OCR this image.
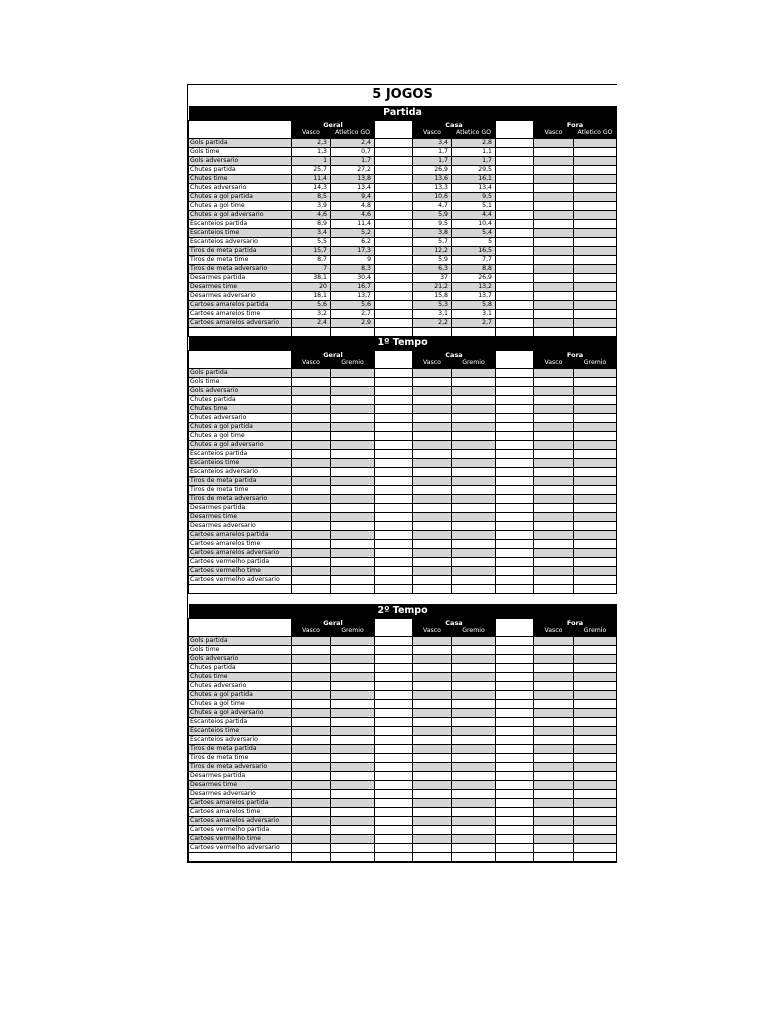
5 JOGOS								
Partida								
	Geral			Casa			Fora	
	Vasco	Atletico GO		Vasco	Atletico GO		Vasco	Atletico GO
Gols partida	2,3	2,4		3,4	2,8			
Gols time	1,3	0,7		1,7	1,1			
Gols adversario	1	1,7		1,7	1,7			
Chutes partida	25,7	27,2		26,9	29,5			
Chutes time	11,4	13,8		13,6	16,1			
Chutes adversario	14,3	13,4		13,3	13,4			
Chutes a gol partida	8,5	9,4		10,6	9,5			
Chutes a gol time	3,9	4,8		4,7	5,1			
Chutes a gol adversario	4,6	4,6		5,9	4,4			
Escanteios partida	8,9	11,4		9,5	10,4			
Escanteios time	3,4	5,2		3,8	5,4			
Escanteios adversario	5,5	6,2		5,7	5			
Tiros de meta partida	15,7	17,3		12,2	16,5			
Tiros de meta time	8,7	9		5,9	7,7			
Tiros de meta adversario	7	8,3		6,3	8,8			
Desarmes partida	38,1	30,4		37	26,9			
Desarmes time	20	16,7		21,2	13,2			
Desarmes adversario	18,1	13,7		15,8	13,7			
Cartoes amarelos partida	5,6	5,6		5,3	5,8			
Cartoes amarelos time	3,2	2,7		3,1	3,1			
Cartoes amarelos adversario	2,4	2,9		2,2	2,7			

1º Tempo								
	Geral			Casa			Fora	
	Vasco	Gremio		Vasco	Gremio		Vasco	Gremio
Gols partida								
Gols time								
Gols adversario								
Chutes partida								
Chutes time								
Chutes adversario								
Chutes a gol partida								
Chutes a gol time								
Chutes a gol adversario								
Escanteios partida								
Escanteios time								
Escanteios adversario								
Tiros de meta partida								
Tiros de meta time								
Tiros de meta adversario								
Desarmes partida								
Desarmes time								
Desarmes adversario								
Cartoes amarelos partida								
Cartoes amarelos time								
Cartoes amarelos adversario								
Cartoes vermelho partida								
Cartoes vermelho time								
Cartoes vermelho adversario								

2º Tempo								
	Geral			Casa			Fora	
	Vasco	Gremio		Vasco	Gremio		Vasco	Gremio
Gols partida								
Gols time								
Gols adversario								
Chutes partida								
Chutes time								
Chutes adversario								
Chutes a gol partida								
Chutes a gol time								
Chutes a gol adversario								
Escanteios partida								
Escanteios time								
Escanteios adversario								
Tiros de meta partida								
Tiros de meta time								
Tiros de meta adversario								
Desarmes partida								
Desarmes time								
Desarmes adversario								
Cartoes amarelos partida								
Cartoes amarelos time								
Cartoes amarelos adversario								
Cartoes vermelho partida								
Cartoes vermelho time								
Cartoes vermelho adversario								
